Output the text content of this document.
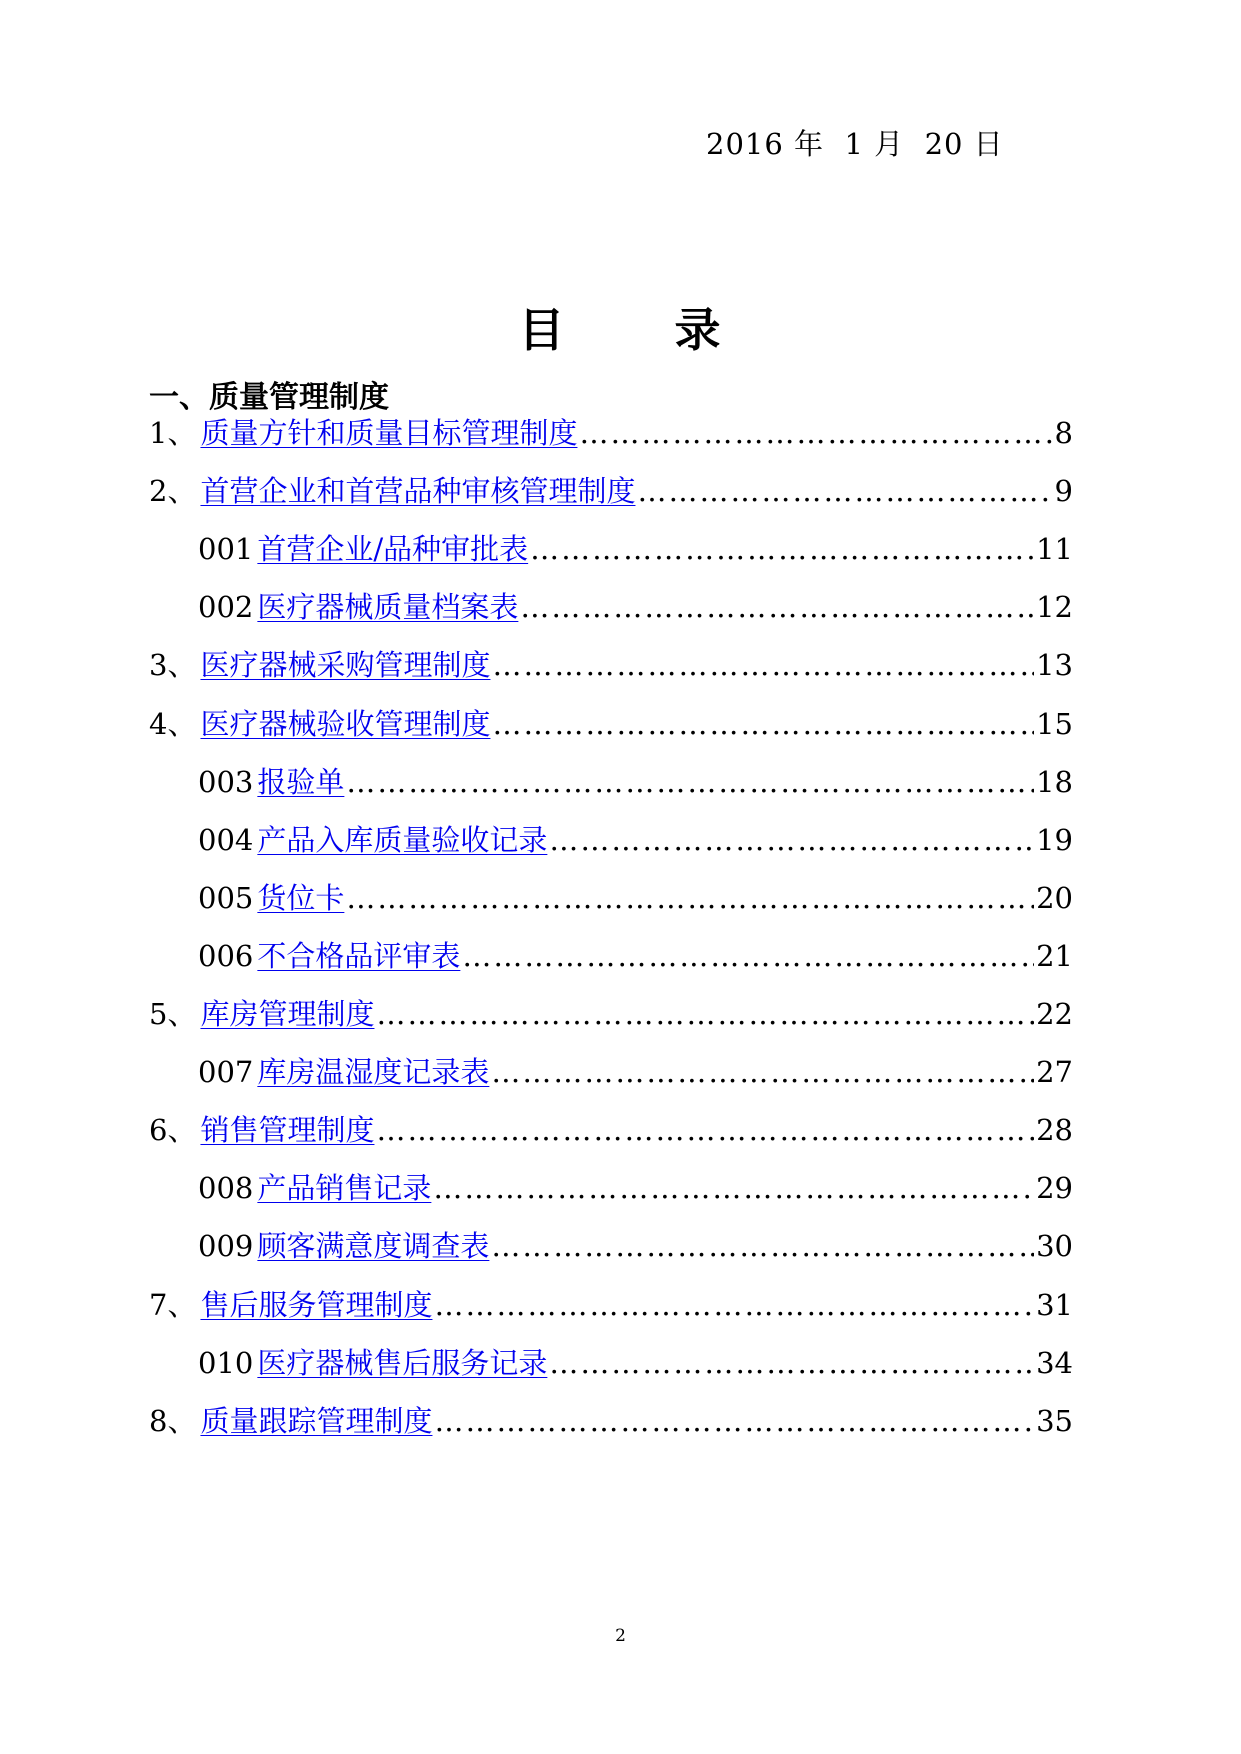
2016 年  1 月  20 日
目      录
一、质量管理制度
1、 质量方针和质量目标管理制度 ……………………………………………………………………………………………………………………………………	8
2、 首营企业和首营品种审核管理制度 ……………………………………………………………………………………………………………………………………	9
001 首营企业/品种审批表 ……………………………………………………………………………………………………………………………………	11
002 医疗器械质量档案表 ……………………………………………………………………………………………………………………………………	12
3、 医疗器械采购管理制度 ……………………………………………………………………………………………………………………………………	13
4、 医疗器械验收管理制度 ……………………………………………………………………………………………………………………………………	15
003 报验单 ……………………………………………………………………………………………………………………………………	18
004 产品入库质量验收记录 ……………………………………………………………………………………………………………………………………	19
005 货位卡 ……………………………………………………………………………………………………………………………………	20
006 不合格品评审表 ……………………………………………………………………………………………………………………………………	21
5、 库房管理制度 ……………………………………………………………………………………………………………………………………	22
007 库房温湿度记录表 ……………………………………………………………………………………………………………………………………	27
6、 销售管理制度 ……………………………………………………………………………………………………………………………………	28
008 产品销售记录 ……………………………………………………………………………………………………………………………………	29
009 顾客满意度调查表 ……………………………………………………………………………………………………………………………………	30
7、 售后服务管理制度 ……………………………………………………………………………………………………………………………………	31
010 医疗器械售后服务记录 ……………………………………………………………………………………………………………………………………	34
8、 质量跟踪管理制度 ……………………………………………………………………………………………………………………………………	35
2
